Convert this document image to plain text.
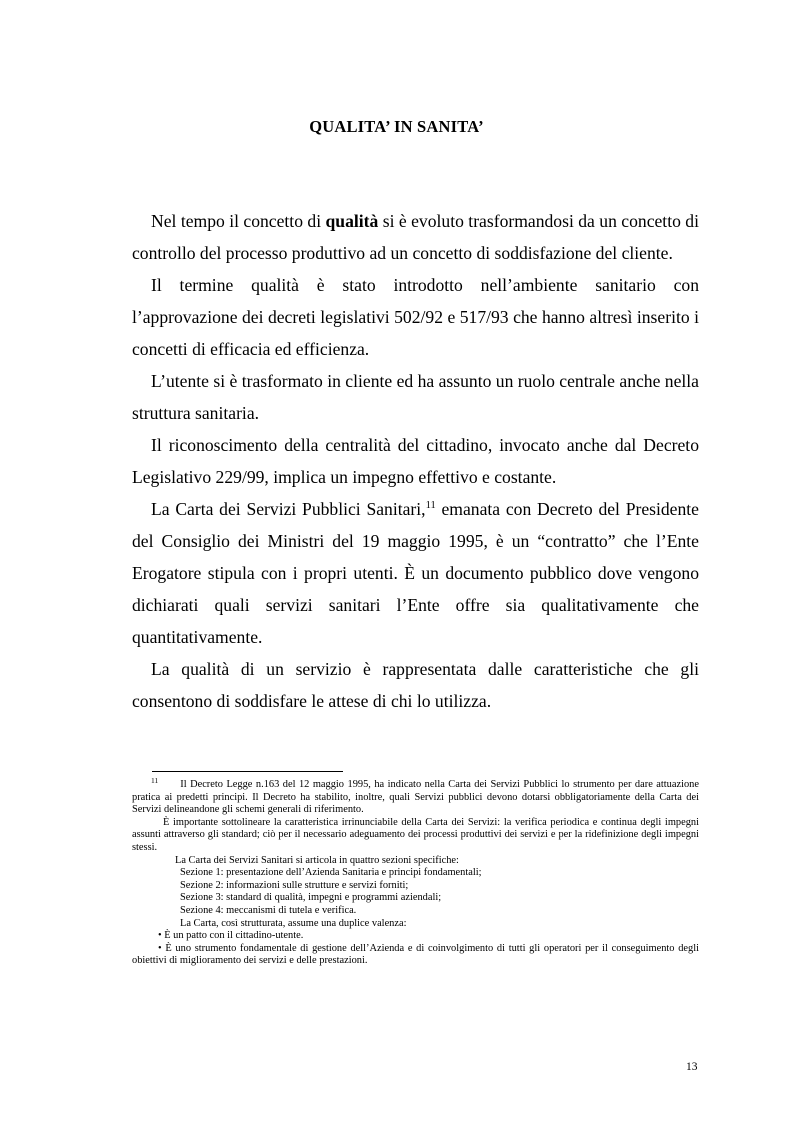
QUALITA’ IN SANITA’

Nel tempo il concetto di qualità si è evoluto trasformandosi da un concetto di controllo del processo produttivo ad un concetto di soddisfazione del cliente.

Il termine qualità è stato introdotto nell’ambiente sanitario con l’approvazione dei decreti legislativi 502/92 e 517/93 che hanno altresì inserito i concetti di efficacia ed efficienza.

L’utente si è trasformato in cliente ed ha assunto un ruolo centrale anche nella struttura sanitaria.

Il riconoscimento della centralità del cittadino, invocato anche dal Decreto Legislativo 229/99, implica un impegno effettivo e costante.

La Carta dei Servizi Pubblici Sanitari,$^{11}$ emanata con Decreto del Presidente del Consiglio dei Ministri del 19 maggio 1995, è un “contratto” che l’Ente Erogatore stipula con i propri utenti. È un documento pubblico dove vengono dichiarati quali servizi sanitari l’Ente offre sia qualitativamente che quantitativamente.

La qualità di un servizio è rappresentata dalle caratteristiche che gli consentono di soddisfare le attese di chi lo utilizza.

$^{11}$ Il Decreto Legge n.163 del 12 maggio 1995, ha indicato nella Carta dei Servizi Pubblici lo strumento per dare attuazione pratica ai predetti principi. Il Decreto ha stabilito, inoltre, quali Servizi pubblici devono dotarsi obbligatoriamente della Carta dei Servizi delineandone gli schemi generali di riferimento.

È importante sottolineare la caratteristica irrinunciabile della Carta dei Servizi: la verifica periodica e continua degli impegni assunti attraverso gli standard; ciò per il necessario adeguamento dei processi produttivi dei servizi e per la ridefinizione degli impegni stessi.

La Carta dei Servizi Sanitari si articola in quattro sezioni specifiche:

Sezione 1: presentazione dell’Azienda Sanitaria e principi fondamentali;

Sezione 2: informazioni sulle strutture e servizi forniti;

Sezione 3: standard di qualità, impegni e programmi aziendali;

Sezione 4: meccanismi di tutela e verifica.

La Carta, così strutturata, assume una duplice valenza:

• È un patto con il cittadino-utente.

• È uno strumento fondamentale di gestione dell’Azienda e di coinvolgimento di tutti gli operatori per il conseguimento degli obiettivi di miglioramento dei servizi e delle prestazioni.

13
